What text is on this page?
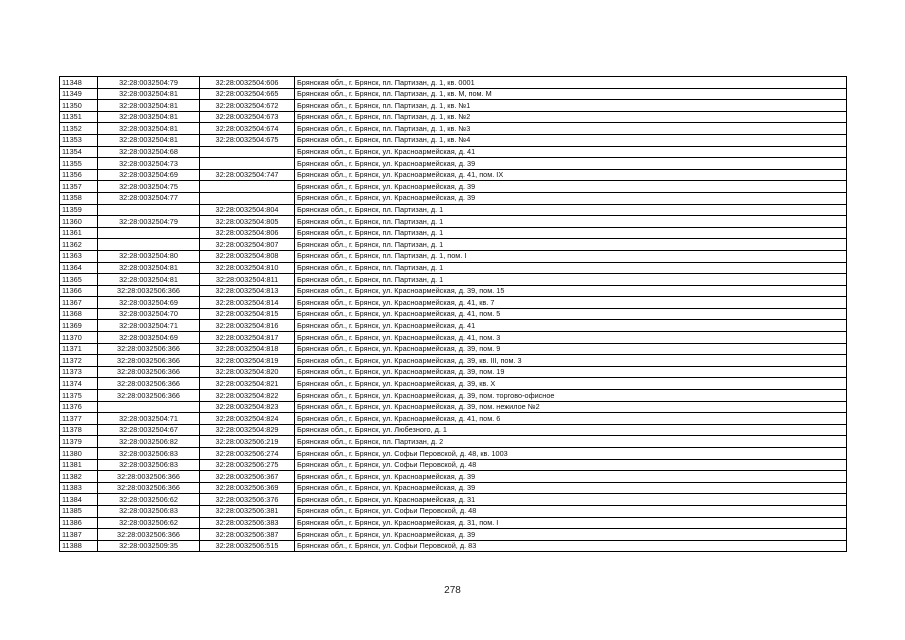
11348	32:28:0032504:79	32:28:0032504:606	Брянская обл., г. Брянск, пл. Партизан, д. 1, кв. 0001
11349	32:28:0032504:81	32:28:0032504:665	Брянская обл., г. Брянск, пл. Партизан, д. 1, кв. М, пом. М
11350	32:28:0032504:81	32:28:0032504:672	Брянская обл., г. Брянск, пл. Партизан, д. 1, кв. №1
11351	32:28:0032504:81	32:28:0032504:673	Брянская обл., г. Брянск, пл. Партизан, д. 1, кв. №2
11352	32:28:0032504:81	32:28:0032504:674	Брянская обл., г. Брянск, пл. Партизан, д. 1, кв. №3
11353	32:28:0032504:81	32:28:0032504:675	Брянская обл., г. Брянск, пл. Партизан, д. 1, кв. №4
11354	32:28:0032504:68		Брянская обл., г. Брянск, ул. Красноармейская, д. 41
11355	32:28:0032504:73		Брянская обл., г. Брянск, ул. Красноармейская, д. 39
11356	32:28:0032504:69	32:28:0032504:747	Брянская обл., г. Брянск, ул. Красноармейская, д. 41, пом. IX
11357	32:28:0032504:75		Брянская обл., г. Брянск, ул. Красноармейская, д. 39
11358	32:28:0032504:77		Брянская обл., г. Брянск, ул. Красноармейская, д. 39
11359		32:28:0032504:804	Брянская обл., г. Брянск, пл. Партизан, д. 1
11360	32:28:0032504:79	32:28:0032504:805	Брянская обл., г. Брянск, пл. Партизан, д. 1
11361		32:28:0032504:806	Брянская обл., г. Брянск, пл. Партизан, д. 1
11362		32:28:0032504:807	Брянская обл., г. Брянск, пл. Партизан, д. 1
11363	32:28:0032504:80	32:28:0032504:808	Брянская обл., г. Брянск, пл. Партизан, д. 1, пом. I
11364	32:28:0032504:81	32:28:0032504:810	Брянская обл., г. Брянск, пл. Партизан, д. 1
11365	32:28:0032504:81	32:28:0032504:811	Брянская обл., г. Брянск, пл. Партизан, д. 1
11366	32:28:0032506:366	32:28:0032504:813	Брянская обл., г. Брянск, ул. Красноармейская, д. 39, пом. 15
11367	32:28:0032504:69	32:28:0032504:814	Брянская обл., г. Брянск, ул. Красноармейская, д. 41, кв. 7
11368	32:28:0032504:70	32:28:0032504:815	Брянская обл., г. Брянск, ул. Красноармейская, д. 41, пом. 5
11369	32:28:0032504:71	32:28:0032504:816	Брянская обл., г. Брянск, ул. Красноармейская, д. 41
11370	32:28:0032504:69	32:28:0032504:817	Брянская обл., г. Брянск, ул. Красноармейская, д. 41, пом. 3
11371	32:28:0032506:366	32:28:0032504:818	Брянская обл., г. Брянск, ул. Красноармейская, д. 39, пом. 9
11372	32:28:0032506:366	32:28:0032504:819	Брянская обл., г. Брянск, ул. Красноармейская, д. 39, кв. III, пом. 3
11373	32:28:0032506:366	32:28:0032504:820	Брянская обл., г. Брянск, ул. Красноармейская, д. 39, пом. 19
11374	32:28:0032506:366	32:28:0032504:821	Брянская обл., г. Брянск, ул. Красноармейская, д. 39, кв. X
11375	32:28:0032506:366	32:28:0032504:822	Брянская обл., г. Брянск, ул. Красноармейская, д. 39, пом. торгово-офисное
11376		32:28:0032504:823	Брянская обл., г. Брянск, ул. Красноармейская, д. 39, пом. нежилое №2
11377	32:28:0032504:71	32:28:0032504:824	Брянская обл., г. Брянск, ул. Красноармейская, д. 41, пом. 6
11378	32:28:0032504:67	32:28:0032504:829	Брянская обл., г. Брянск, ул. Любезного, д. 1
11379	32:28:0032506:82	32:28:0032506:219	Брянская обл., г. Брянск, пл. Партизан, д. 2
11380	32:28:0032506:83	32:28:0032506:274	Брянская обл., г. Брянск, ул. Софьи Перовской, д. 48, кв. 1003
11381	32:28:0032506:83	32:28:0032506:275	Брянская обл., г. Брянск, ул. Софьи Перовской, д. 48
11382	32:28:0032506:366	32:28:0032506:367	Брянская обл., г. Брянск, ул. Красноармейская, д. 39
11383	32:28:0032506:366	32:28:0032506:369	Брянская обл., г. Брянск, ул. Красноармейская, д. 39
11384	32:28:0032506:62	32:28:0032506:376	Брянская обл., г. Брянск, ул. Красноармейская, д. 31
11385	32:28:0032506:83	32:28:0032506:381	Брянская обл., г. Брянск, ул. Софьи Перовской, д. 48
11386	32:28:0032506:62	32:28:0032506:383	Брянская обл., г. Брянск, ул. Красноармейская, д. 31, пом. I
11387	32:28:0032506:366	32:28:0032506:387	Брянская обл., г. Брянск, ул. Красноармейская, д. 39
11388	32:28:0032509:35	32:28:0032506:515	Брянская обл., г. Брянск, ул. Софьи Перовской, д. 83
278
